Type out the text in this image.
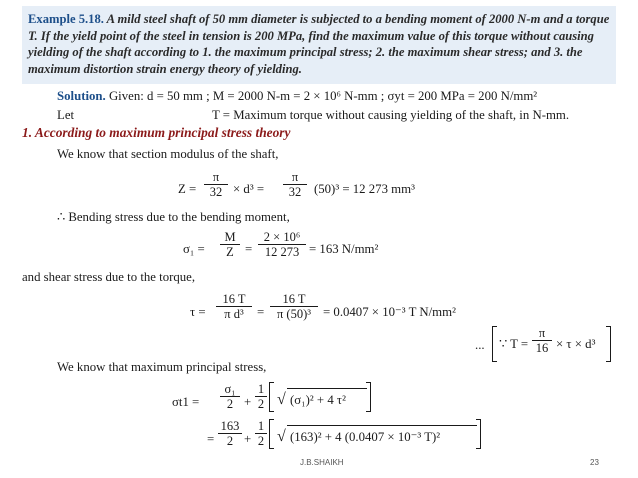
Example 5.18. A mild steel shaft of 50 mm diameter is subjected to a bending moment of 2000 N-m and a torque T. If the yield point of the steel in tension is 200 MPa, find the maximum value of this torque without causing yielding of the shaft according to 1. the maximum principal stress; 2. the maximum shear stress; and 3. the maximum distortion strain energy theory of yielding.
Solution. Given: d = 50 mm ; M = 2000 N-m = 2 × 10⁶ N-mm ; σyt = 200 MPa = 200 N/mm²
Let	T = Maximum torque without causing yielding of the shaft, in N-mm.
1. According to maximum principal stress theory
We know that section modulus of the shaft,
$Z = \frac{\pi}{32} \times d^3 = \frac{\pi}{32} (50)^3 = 12$ 273 mm³
∴ Bending stress due to the bending moment,
$\sigma_1 = \frac{M}{Z} = \frac{\text{2 × 10⁶}}{12 273} = 163$ N/mm²
and shear stress due to the torque,
$\tau = \frac{16 T}{\text{π d³}} = \frac{16 T}{\text{π (50)³}} = 0.0407 \times 10^{-3}$ T N/mm²
... ∵ $T = \frac{\pi}{16} \times \tau \times d^3$
We know that maximum principal stress,
$\sigma t1 = \frac{\text{σ₁}}{2} + \frac{1}{2}$ √ (σ₁)² + 4 τ²
= $\frac{163}{2} + \frac{1}{2}$ √ (163)² + 4 (0.0407 × 10⁻³ T)²
J.B.SHAIKH	23
